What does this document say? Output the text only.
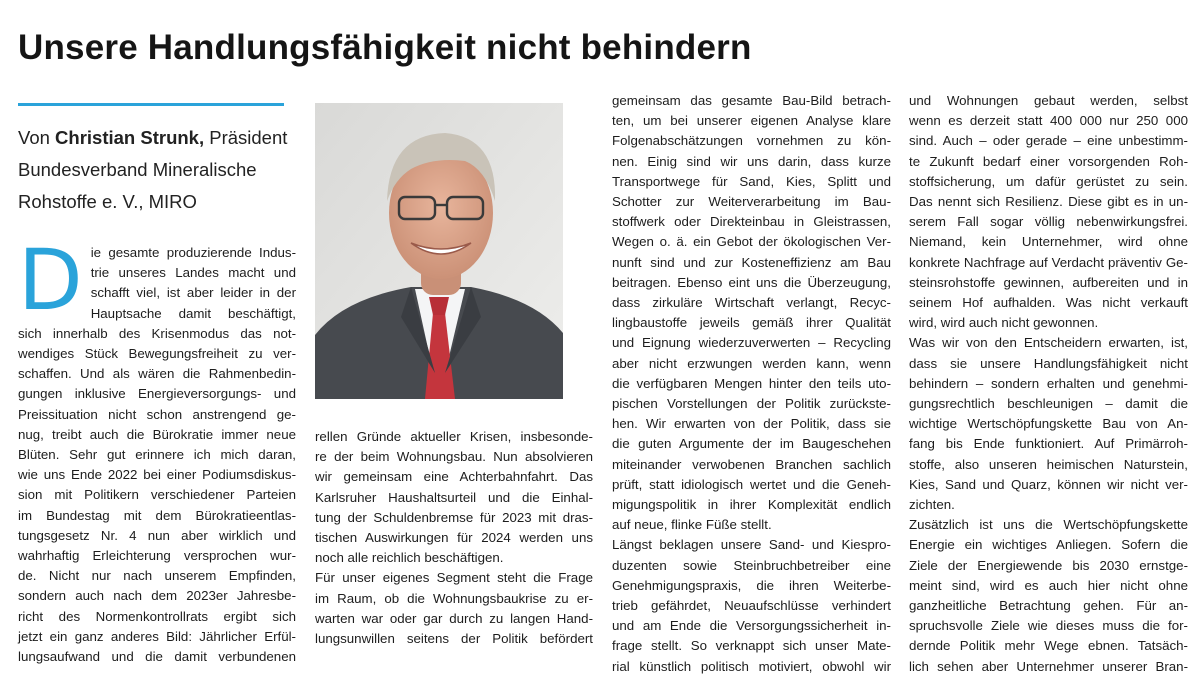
Unsere Handlungsfähigkeit nicht behindern
Von Christian Strunk, Präsident Bundesverband Mineralische Rohstoffe e. V., MIRO
D ie gesamte produzierende Indus-

trie unseres Landes macht und

schafft viel, ist aber leider in der

Hauptsache damit beschäftigt,

sich innerhalb des Krisenmodus das not-

wendiges Stück Bewegungsfreiheit zu ver-

schaffen. Und als wären die Rahmenbedin-

gungen inklusive Energieversorgungs- und

Preissituation nicht schon anstrengend ge-

nug, treibt auch die Bürokratie immer neue

Blüten. Sehr gut erinnere ich mich daran,

wie uns Ende 2022 bei einer Podiumsdiskus-

sion mit Politikern verschiedener Parteien

im Bundestag mit dem Bürokratieentlas-

tungsgesetz Nr. 4 nun aber wirklich und

wahrhaftig Erleichterung versprochen wur-

de. Nicht nur nach unserem Empfinden,

sondern auch nach dem 2023er Jahresbe-

richt des Normenkontrollrats ergibt sich

jetzt ein ganz anderes Bild: Jährlicher Erfül-

lungsaufwand und die damit verbundenen

rellen Gründe aktueller Krisen, insbesonde-

re der beim Wohnungsbau. Nun absolvieren

wir gemeinsam eine Achterbahnfahrt. Das

Karlsruher Haushaltsurteil und die Einhal-

tung der Schuldenbremse für 2023 mit dras-

tischen Auswirkungen für 2024 werden uns

noch alle reichlich beschäftigen.

Für unser eigenes Segment steht die Frage

im Raum, ob die Wohnungsbaukrise zu er-

warten war oder gar durch zu langen Hand-

lungsunwillen seitens der Politik befördert

gemeinsam das gesamte Bau-Bild betrach-

ten, um bei unserer eigenen Analyse klare

Folgenabschätzungen vornehmen zu kön-

nen. Einig sind wir uns darin, dass kurze

Transportwege für Sand, Kies, Splitt und

Schotter zur Weiterverarbeitung im Bau-

stoffwerk oder Direkteinbau in Gleistrassen,

Wegen o. ä. ein Gebot der ökologischen Ver-

nunft sind und zur Kosteneffizienz am Bau

beitragen. Ebenso eint uns die Überzeugung,

dass zirkuläre Wirtschaft verlangt, Recyc-

lingbaustoffe jeweils gemäß ihrer Qualität

und Eignung wiederzuverwerten – Recycling

aber nicht erzwungen werden kann, wenn

die verfügbaren Mengen hinter den teils uto-

pischen Vorstellungen der Politik zurückste-

hen. Wir erwarten von der Politik, dass sie

die guten Argumente der im Baugeschehen

miteinander verwobenen Branchen sachlich

prüft, statt idiologisch wertet und die Geneh-

migungspolitik in ihrer Komplexität endlich

auf neue, flinke Füße stellt.

Längst beklagen unsere Sand- und Kiespro-

duzenten sowie Steinbruchbetreiber eine

Genehmigungspraxis, die ihren Weiterbe-

trieb gefährdet, Neuaufschlüsse verhindert

und am Ende die Versorgungssicherheit in-

frage stellt. So verknappt sich unser Mate-

rial künstlich politisch motiviert, obwohl wir

und Wohnungen gebaut werden, selbst

wenn es derzeit statt 400 000 nur 250 000

sind. Auch – oder gerade – eine unbestimm-

te Zukunft bedarf einer vorsorgenden Roh-

stoffsicherung, um dafür gerüstet zu sein.

Das nennt sich Resilienz. Diese gibt es in un-

serem Fall sogar völlig nebenwirkungsfrei.

Niemand, kein Unternehmer, wird ohne

konkrete Nachfrage auf Verdacht präventiv Ge-

steinsrohstoffe gewinnen, aufbereiten und in

seinem Hof aufhalden. Was nicht verkauft

wird, wird auch nicht gewonnen.

Was wir von den Entscheidern erwarten, ist,

dass sie unsere Handlungsfähigkeit nicht

behindern – sondern erhalten und genehmi-

gungsrechtlich beschleunigen – damit die

wichtige Wertschöpfungskette Bau von An-

fang bis Ende funktioniert. Auf Primärroh-

stoffe, also unseren heimischen Naturstein,

Kies, Sand und Quarz, können wir nicht ver-

zichten.

Zusätzlich ist uns die Wertschöpfungskette

Energie ein wichtiges Anliegen. Sofern die

Ziele der Energiewende bis 2030 ernstge-

meint sind, wird es auch hier nicht ohne

ganzheitliche Betrachtung gehen. Für an-

spruchsvolle Ziele wie dieses muss die for-

dernde Politik mehr Wege ebnen. Tatsäch-

lich sehen aber Unternehmer unserer Bran-
